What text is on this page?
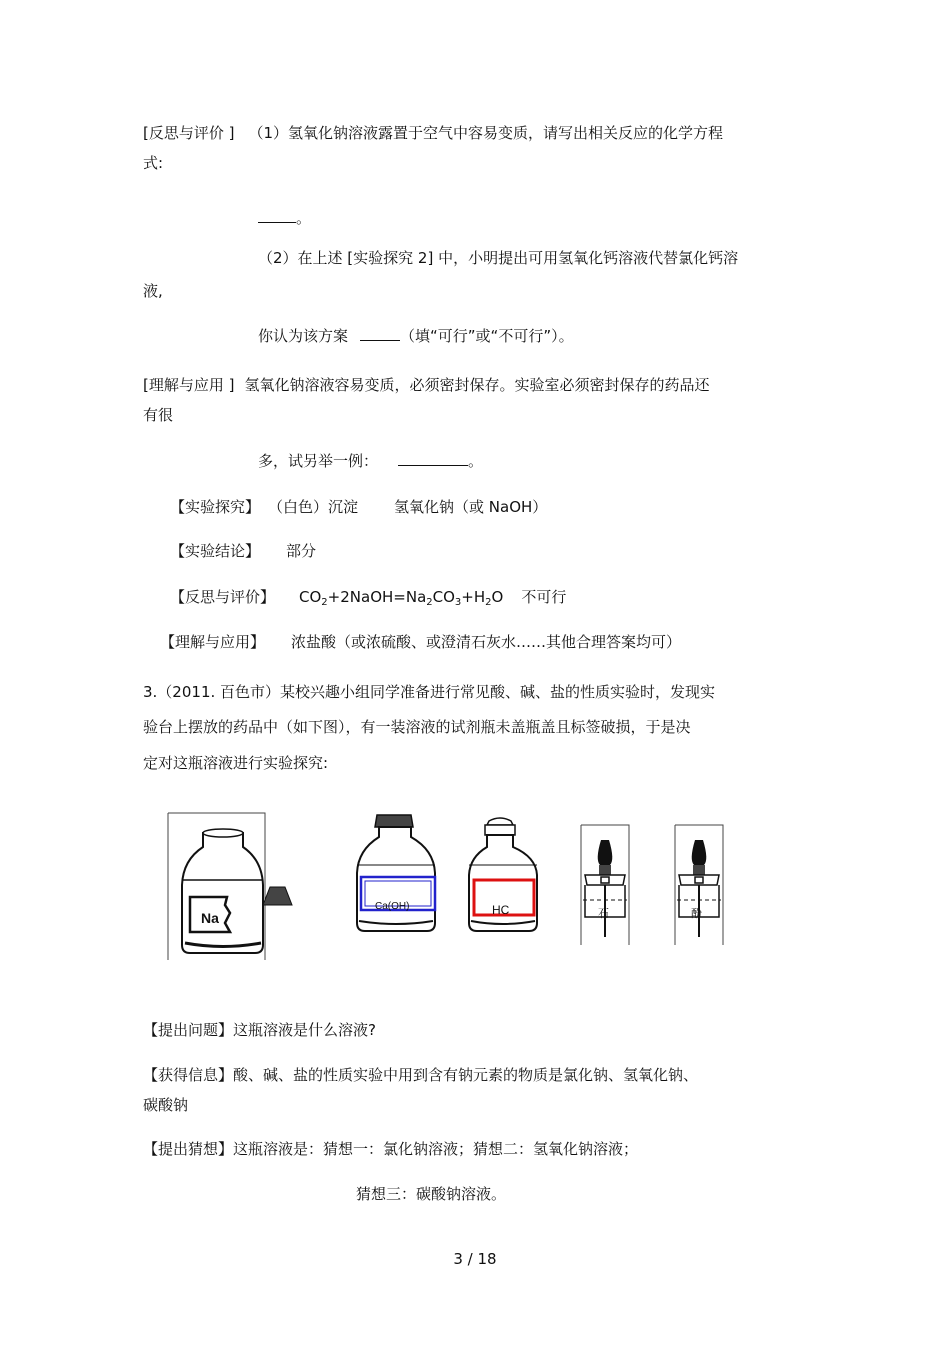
[反思与评价 ] （1）氢氧化钠溶液露置于空气中容易变质，请写出相关反应的化学方程
式:
。
（2）在上述 [实验探究 2] 中，小明提出可用氢氧化钙溶液代替氯化钙溶
液,
你认为该方案	（填“可行”或“不可行”）。
[理解与应用 ] 氢氧化钠溶液容易变质，必须密封保存。实验室必须密封保存的药品还
有很
多，试另举一例：	。
【实验探究】 （白色）沉淀 氢氧化钠（或 NaOH）
【实验结论】 部分
【反思与评价】 $CO_2+2NaOH=Na_2CO_3+H_2O$ 不可行
【理解与应用】 浓盐酸（或浓硫酸、或澄清石灰水……其他合理答案均可）
3.（2011. 百色市）某校兴趣小组同学准备进行常见酸、碱、盐的性质实验时，发现实
验台上摆放的药品中（如下图），有一装溶液的试剂瓶未盖瓶盖且标签破损，于是决
定对这瓶溶液进行实验探究:
Na
Ca(OH)	HC	石	酚
【提出问题】这瓶溶液是什么溶液?
【获得信息】酸、碱、盐的性质实验中用到含有钠元素的物质是氯化钠、氢氧化钠、
碳酸钠
【提出猜想】这瓶溶液是：猜想一：氯化钠溶液；猜想二：氢氧化钠溶液；
猜想三：碳酸钠溶液。
3 / 18
